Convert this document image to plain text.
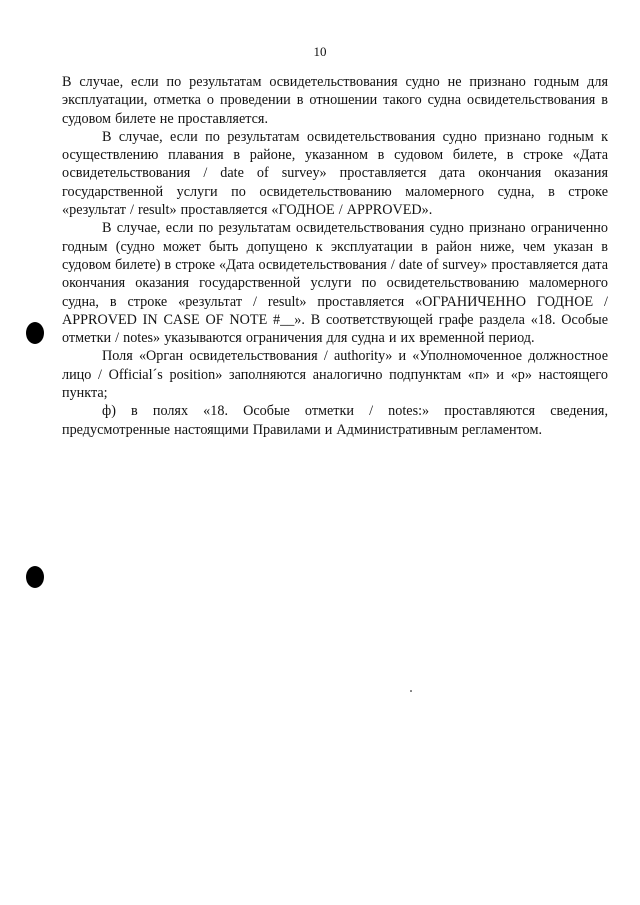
10

В случае, если по результатам освидетельствования судно не признано годным для эксплуатации, отметка о проведении в отношении такого судна освидетельствования в судовом билете не проставляется.

В случае, если по результатам освидетельствования судно признано годным к осуществлению плавания в районе, указанном в судовом билете, в строке «Дата освидетельствования / date of survey» проставляется дата окончания оказания государственной услуги по освидетельствованию маломерного судна, в строке «результат / result» проставляется «ГОДНОЕ / APPROVED».

В случае, если по результатам освидетельствования судно признано ограниченно годным (судно может быть допущено к эксплуатации в район ниже, чем указан в судовом билете) в строке «Дата освидетельствования / date of survey» проставляется дата окончания оказания государственной услуги по освидетельствованию маломерного судна, в строке «результат / result» проставляется «ОГРАНИЧЕННО ГОДНОЕ / APPROVED IN CASE OF NOTE #__». В соответствующей графе раздела «18. Особые отметки / notes» указываются ограничения для судна и их временной период.

Поля «Орган освидетельствования / authority» и «Уполномоченное должностное лицо / Official´s position» заполняются аналогично подпунктам «п» и «р» настоящего пункта;

ф) в полях «18. Особые отметки / notes:» проставляются сведения, предусмотренные настоящими Правилами и Административным регламентом.
